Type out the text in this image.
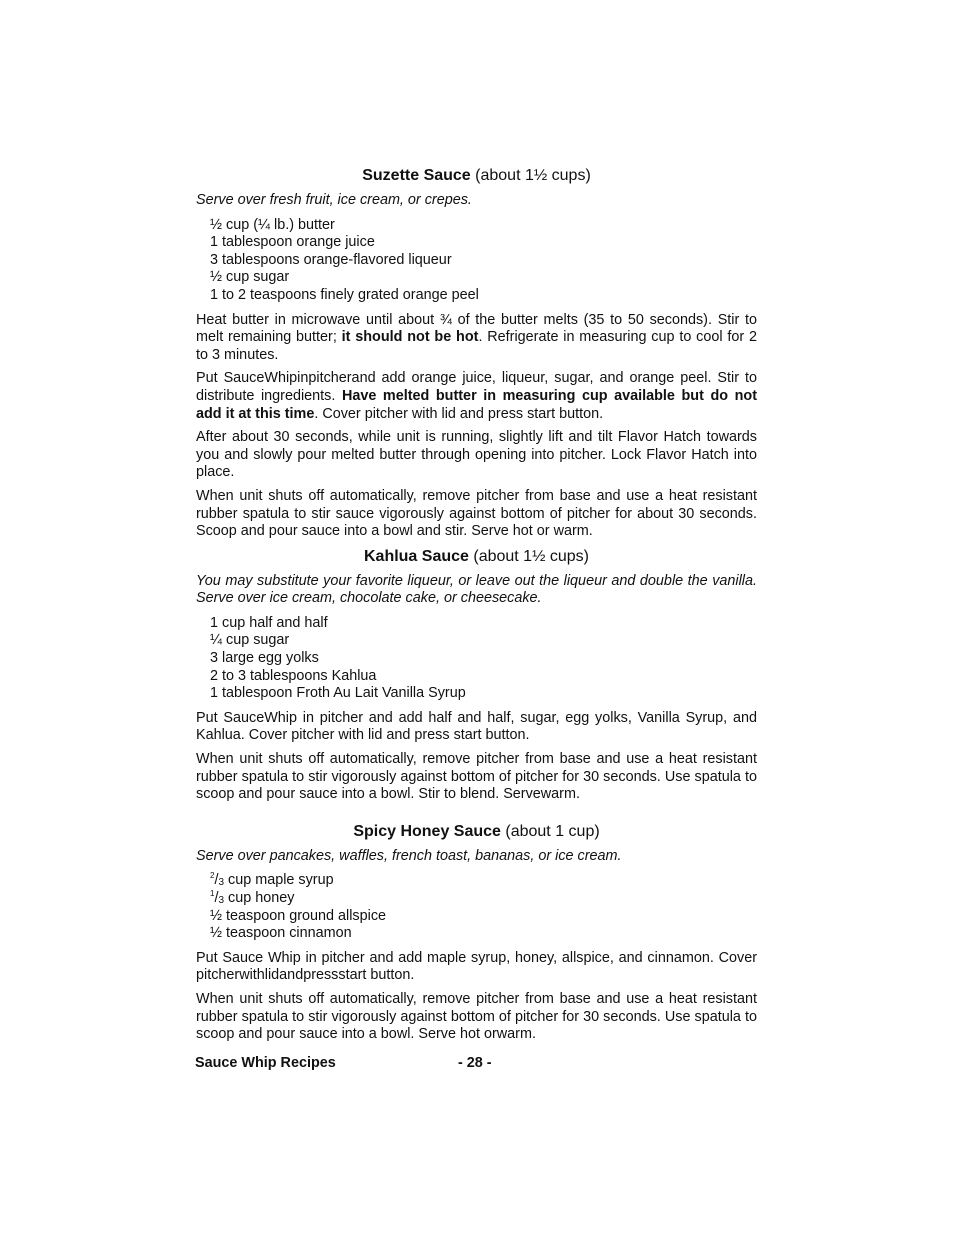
Suzette Sauce (about 1½ cups)
Serve over fresh fruit, ice cream, or crepes.
½ cup (¼ lb.) butter
1 tablespoon orange juice
3 tablespoons orange-flavored liqueur
½ cup sugar
1 to 2 teaspoons finely grated orange peel

Heat butter in microwave until about ¾ of the butter melts (35 to 50 seconds). Stir to melt remaining butter; it should not be hot. Refrigerate in measuring cup to cool for 2 to 3 minutes.

Put SauceWhipinpitcherand add orange juice, liqueur, sugar, and orange peel. Stir to distribute ingredients. Have melted butter in measuring cup available but do not add it at this time. Cover pitcher with lid and press start button.

After about 30 seconds, while unit is running, slightly lift and tilt Flavor Hatch towards you and slowly pour melted butter through opening into pitcher. Lock Flavor Hatch into place.

When unit shuts off automatically, remove pitcher from base and use a heat resistant rubber spatula to stir sauce vigorously against bottom of pitcher for about 30 seconds. Scoop and pour sauce into a bowl and stir. Serve hot or warm.

Kahlua Sauce (about 1½ cups)
You may substitute your favorite liqueur, or leave out the liqueur and double the vanilla. Serve over ice cream, chocolate cake, or cheesecake.
1 cup half and half
¼ cup sugar
3 large egg yolks
2 to 3 tablespoons Kahlua
1 tablespoon Froth Au Lait Vanilla Syrup

Put SauceWhip in pitcher and add half and half, sugar, egg yolks, Vanilla Syrup, and Kahlua. Cover pitcher with lid and press start button.

When unit shuts off automatically, remove pitcher from base and use a heat resistant rubber spatula to stir vigorously against bottom of pitcher for 30 seconds. Use spatula to scoop and pour sauce into a bowl. Stir to blend. Servewarm.

Spicy Honey Sauce (about 1 cup)
Serve over pancakes, waffles, french toast, bananas, or ice cream.
$^2/_3$ cup maple syrup
$^1/_3$ cup honey
½ teaspoon ground allspice
½ teaspoon cinnamon

Put Sauce Whip in pitcher and add maple syrup, honey, allspice, and cinnamon. Cover pitcherwithlidandpressstart button.

When unit shuts off automatically, remove pitcher from base and use a heat resistant rubber spatula to stir vigorously against bottom of pitcher for 30 seconds. Use spatula to scoop and pour sauce into a bowl. Serve hot orwarm.

Sauce Whip Recipes	- 28 -
